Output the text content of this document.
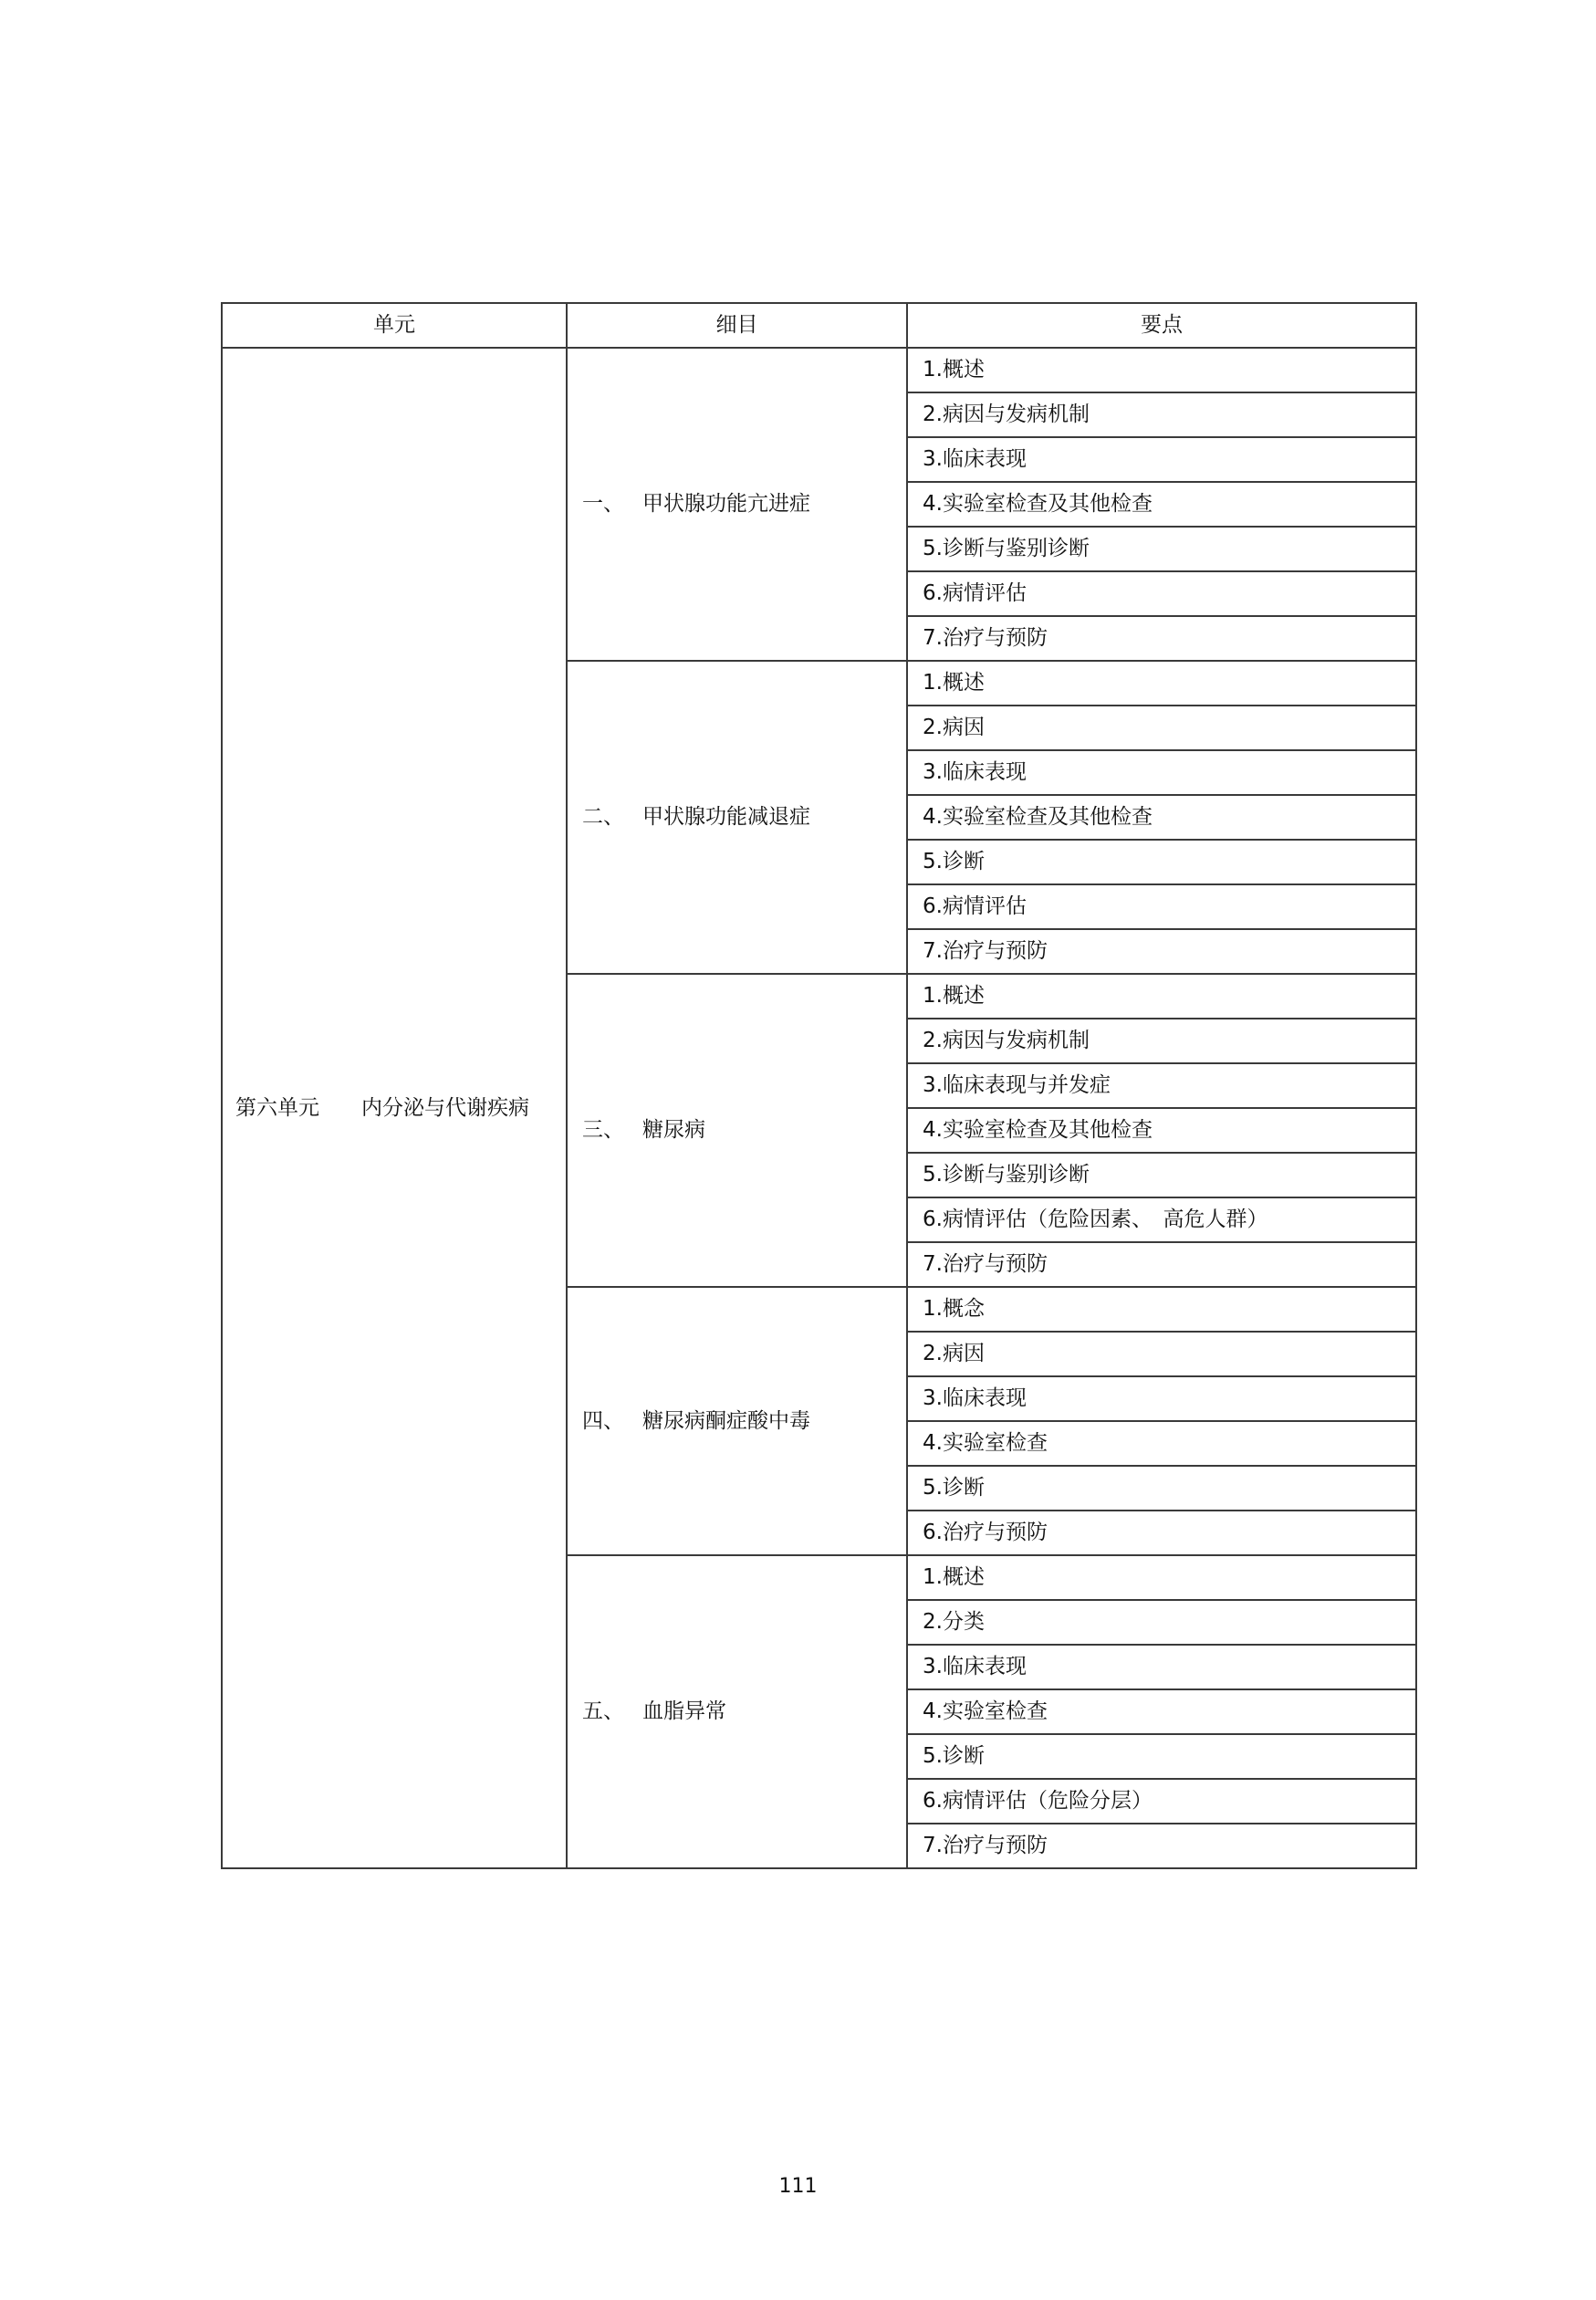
单元	细目	要点
第六单元　　内分泌与代谢疾病	一、 甲状腺功能亢进症	1.概述
		2.病因与发病机制
		3.临床表现
		4.实验室检查及其他检查
		5.诊断与鉴别诊断
		6.病情评估
		7.治疗与预防

	二、 甲状腺功能减退症	1.概述
		2.病因
		3.临床表现
		4.实验室检查及其他检查
		5.诊断
		6.病情评估
		7.治疗与预防

	三、 糖尿病	1.概述
		2.病因与发病机制
		3.临床表现与并发症
		4.实验室检查及其他检查
		5.诊断与鉴别诊断
		6.病情评估（危险因素、　高危人群）
		7.治疗与预防

	四、 糖尿病酮症酸中毒	1.概念
		2.病因
		3.临床表现
		4.实验室检查
		5.诊断
		6.治疗与预防

	五、 血脂异常	1.概述
		2.分类
		3.临床表现
		4.实验室检查
		5.诊断
		6.病情评估（危险分层）
		7.治疗与预防
111
